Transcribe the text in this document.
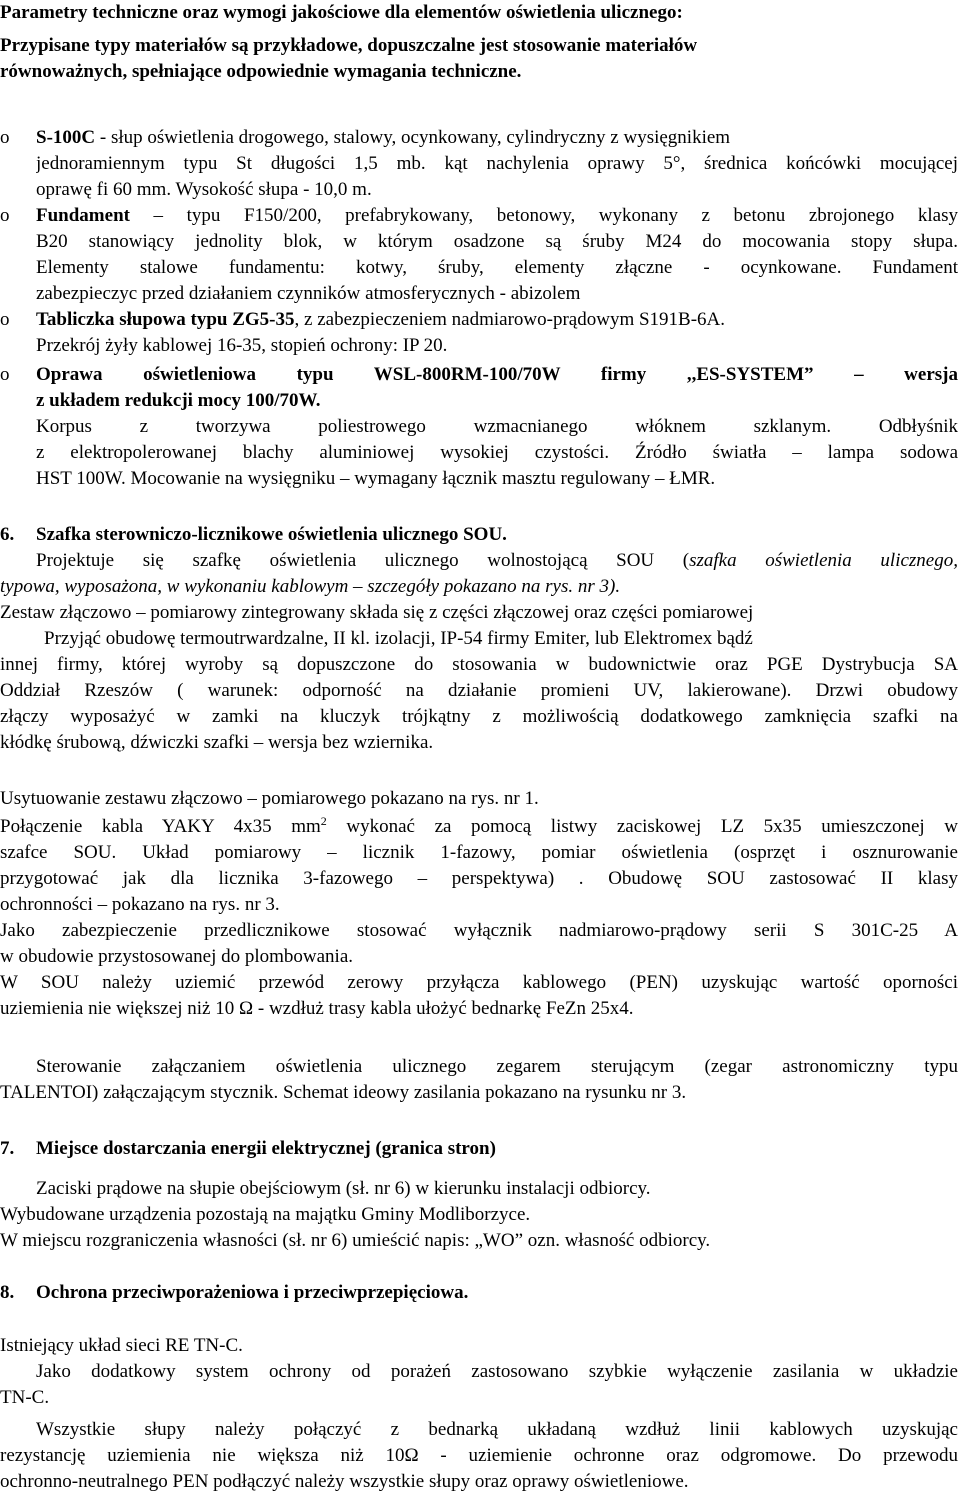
Parametry techniczne oraz wymogi jakościowe dla elementów oświetlenia ulicznego:
Przypisane typy materiałów są przykładowe, dopuszczalne jest stosowanie materiałów
równoważnych, spełniające odpowiednie wymagania techniczne.
o	S-100C - słup oświetlenia drogowego, stalowy, ocynkowany, cylindryczny z wysięgnikiem
jednoramiennym typu St długości 1,5 mb. kąt nachylenia oprawy 5°, średnica końcówki mocującej
oprawę fi 60 mm. Wysokość słupa - 10,0 m.
o	Fundament – typu F150/200, prefabrykowany, betonowy, wykonany z betonu zbrojonego klasy
B20 stanowiący jednolity blok, w którym osadzone są śruby M24 do mocowania stopy słupa.
Elementy stalowe fundamentu: kotwy, śruby, elementy złączne - ocynkowane. Fundament
zabezpieczyc przed działaniem czynników atmosferycznych - abizolem
o	Tabliczka słupowa typu ZG5-35, z zabezpieczeniem nadmiarowo-prądowym S191B-6A.
Przekrój żyły kablowej 16-35, stopień ochrony: IP 20.
o	Oprawa oświetleniowa typu WSL-800RM-100/70W firmy ,,ES-SYSTEM” – wersja
z układem redukcji mocy 100/70W.
Korpus z tworzywa poliestrowego wzmacnianego włóknem szklanym. Odbłyśnik
z elektropolerowanej blachy aluminiowej wysokiej czystości. Źródło światła – lampa sodowa
HST 100W. Mocowanie na wysięgniku – wymagany łącznik masztu regulowany – ŁMR.
6. Szafka sterowniczo-licznikowe oświetlenia ulicznego SOU.
Projektuje się szafkę oświetlenia ulicznego wolnostojącą SOU (szafka oświetlenia ulicznego,
typowa, wyposażona, w wykonaniu kablowym – szczegóły pokazano na rys. nr 3).
Zestaw złączowo – pomiarowy zintegrowany składa się z części złączowej oraz części pomiarowej
Przyjąć obudowę termoutrwardzalne, II kl. izolacji, IP-54 firmy Emiter, lub Elektromex bądź
innej firmy, której wyroby są dopuszczone do stosowania w budownictwie oraz PGE Dystrybucja SA
Oddział Rzeszów ( warunek: odporność na działanie promieni UV, lakierowane). Drzwi obudowy
złączy wyposażyć w zamki na kluczyk trójkątny z możliwością dodatkowego zamknięcia szafki na
kłódkę śrubową, dźwiczki szafki – wersja bez wziernika.
Usytuowanie zestawu złączowo – pomiarowego pokazano na rys. nr 1.
Połączenie kabla YAKY 4x35 $mm^2$ wykonać za pomocą listwy zaciskowej LZ 5x35 umieszczonej w
szafce SOU. Układ pomiarowy – licznik 1-fazowy, pomiar oświetlenia (osprzęt i osznurowanie
przygotować jak dla licznika 3-fazowego – perspektywa) . Obudowę SOU zastosować II klasy
ochronności – pokazano na rys. nr 3.
Jako zabezpieczenie przedlicznikowe stosować wyłącznik nadmiarowo-prądowy serii S 301C-25 A
w obudowie przystosowanej do plombowania.
W SOU należy uziemić przewód zerowy przyłącza kablowego (PEN) uzyskując wartość oporności
uziemienia nie większej niż 10 Ω - wzdłuż trasy kabla ułożyć bednarkę FeZn 25x4.
Sterowanie załączaniem oświetlenia ulicznego zegarem sterującym (zegar astronomiczny typu
TALENTOI) załączającym stycznik. Schemat ideowy zasilania pokazano na rysunku nr 3.
7. Miejsce dostarczania energii elektrycznej (granica stron)
Zaciski prądowe na słupie obejściowym (sł. nr 6) w kierunku instalacji odbiorcy.
Wybudowane urządzenia pozostają na majątku Gminy Modliborzyce.
W miejscu rozgraniczenia własności (sł. nr 6) umieścić napis: „WO” ozn. własność odbiorcy.
8. Ochrona przeciwporażeniowa i przeciwprzepięciowa.
Istniejący układ sieci RE TN-C.
Jako dodatkowy system ochrony od porażeń zastosowano szybkie wyłączenie zasilania w układzie
TN-C.
Wszystkie słupy należy połączyć z bednarką układaną wzdłuż linii kablowych uzyskując
rezystancję uziemienia nie większa niż 10Ω - uziemienie ochronne oraz odgromowe. Do przewodu
ochronno-neutralnego PEN podłączyć należy wszystkie słupy oraz oprawy oświetleniowe.
